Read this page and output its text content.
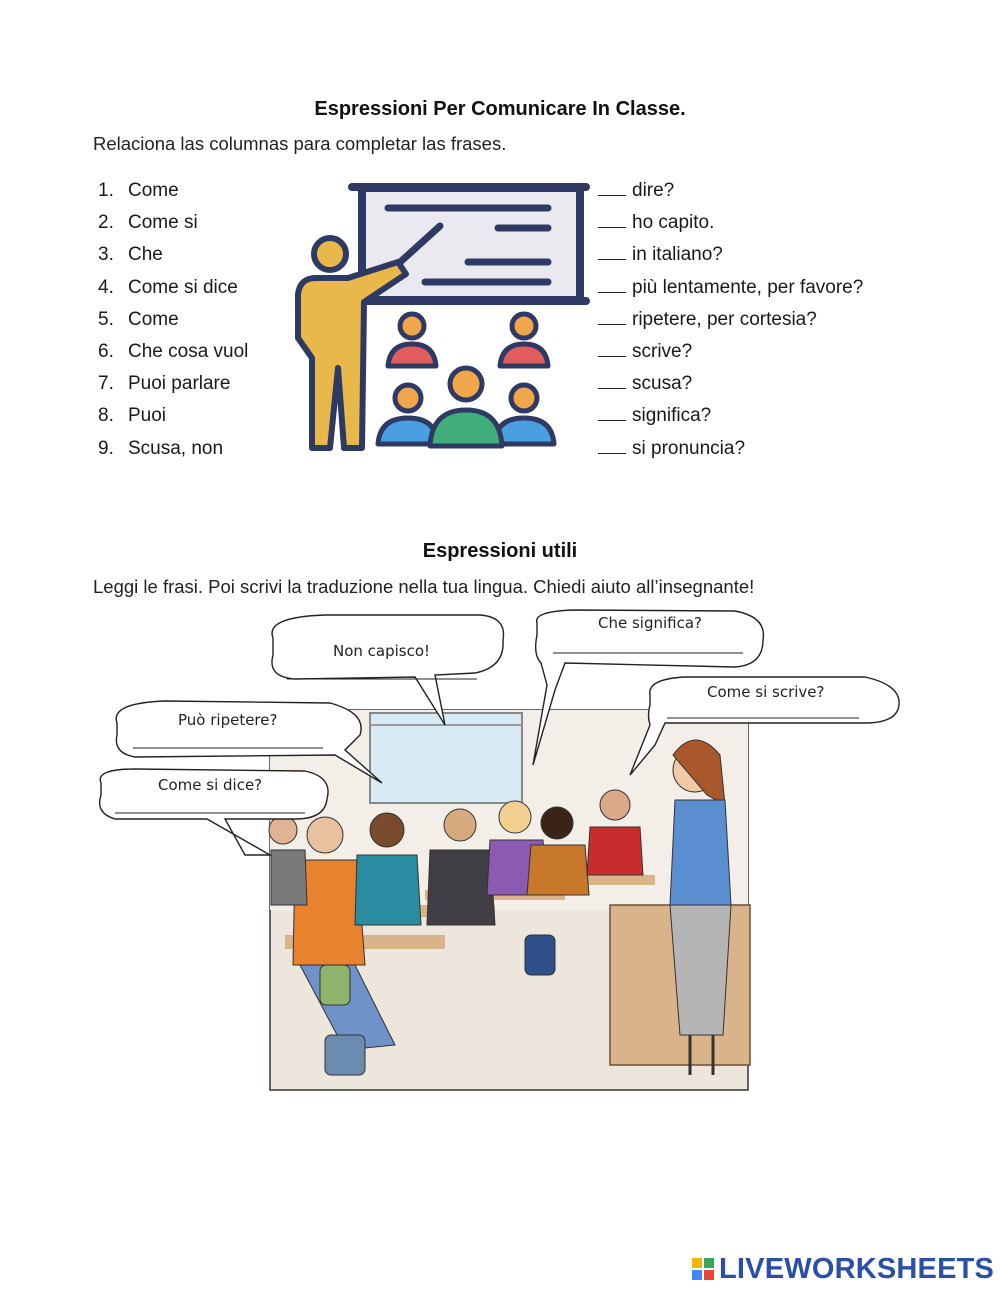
Espressioni Per Comunicare In Classe.
Relaciona las columnas para completar las frases.
1. Come
2. Come si
3. Che
4. Come si dice
5. Come
6. Che cosa vuol
7. Puoi parlare
8. Puoi
9. Scusa, non
dire?
ho capito.
in italiano?
più lentamente, per favore?
ripetere, per cortesia?
scrive?
scusa?
significa?
si pronuncia?
Espressioni utili
Leggi le frasi. Poi scrivi la traduzione nella tua lingua. Chiedi aiuto all’insegnante!
Non capisco!
Che significa?
Come si scrive?
Può ripetere?
Come si dice?
LIVEWORKSHEETS
